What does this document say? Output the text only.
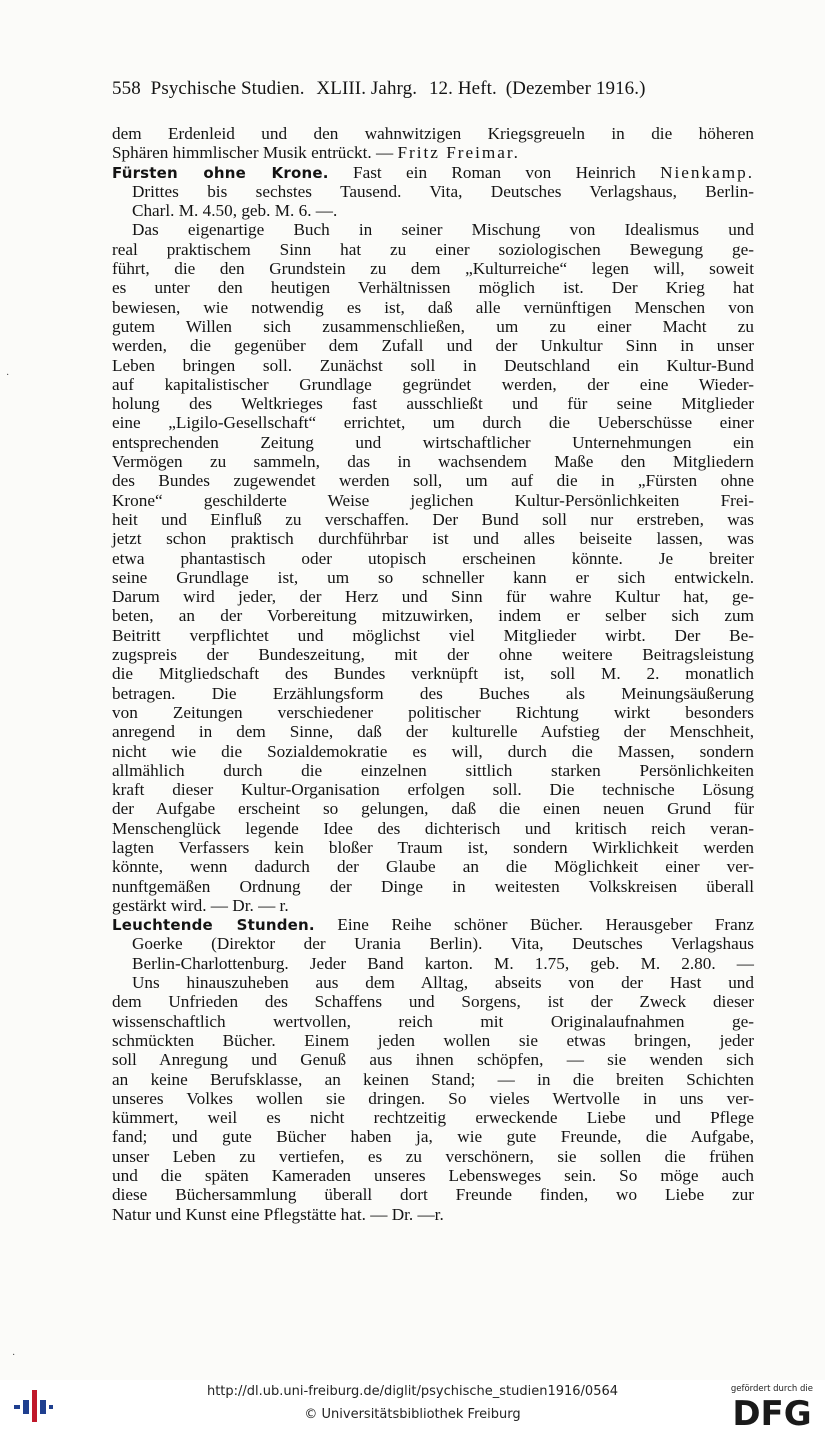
558 Psychische Studien. XLIII. Jahrg. 12. Heft. (Dezember 1916.)
dem Erdenleid und den wahnwitzigen Kriegsgreueln in die höheren
Sphären himmlischer Musik entrückt. — Fritz Freimar.
Fürsten ohne Krone. Fast ein Roman von Heinrich Nienkamp.
Drittes bis sechstes Tausend. Vita, Deutsches Verlagshaus, Berlin-
Charl. M. 4.50, geb. M. 6. —.
Das eigenartige Buch in seiner Mischung von Idealismus und
real praktischem Sinn hat zu einer soziologischen Bewegung ge-
führt, die den Grundstein zu dem „Kulturreiche“ legen will, soweit
es unter den heutigen Verhältnissen möglich ist. Der Krieg hat
bewiesen, wie notwendig es ist, daß alle vernünftigen Menschen von
gutem Willen sich zusammenschließen, um zu einer Macht zu
werden, die gegenüber dem Zufall und der Unkultur Sinn in unser
Leben bringen soll. Zunächst soll in Deutschland ein Kultur-Bund
auf kapitalistischer Grundlage gegründet werden, der eine Wieder-
holung des Weltkrieges fast ausschließt und für seine Mitglieder
eine „Ligilo-Gesellschaft“ errichtet, um durch die Ueberschüsse einer
entsprechenden Zeitung und wirtschaftlicher Unternehmungen ein
Vermögen zu sammeln, das in wachsendem Maße den Mitgliedern
des Bundes zugewendet werden soll, um auf die in „Fürsten ohne
Krone“ geschilderte Weise jeglichen Kultur-Persönlichkeiten Frei-
heit und Einfluß zu verschaffen. Der Bund soll nur erstreben, was
jetzt schon praktisch durchführbar ist und alles beiseite lassen, was
etwa phantastisch oder utopisch erscheinen könnte. Je breiter
seine Grundlage ist, um so schneller kann er sich entwickeln.
Darum wird jeder, der Herz und Sinn für wahre Kultur hat, ge-
beten, an der Vorbereitung mitzuwirken, indem er selber sich zum
Beitritt verpflichtet und möglichst viel Mitglieder wirbt. Der Be-
zugspreis der Bundeszeitung, mit der ohne weitere Beitragsleistung
die Mitgliedschaft des Bundes verknüpft ist, soll M. 2. monatlich
betragen. Die Erzählungsform des Buches als Meinungsäußerung
von Zeitungen verschiedener politischer Richtung wirkt besonders
anregend in dem Sinne, daß der kulturelle Aufstieg der Menschheit,
nicht wie die Sozialdemokratie es will, durch die Massen, sondern
allmählich durch die einzelnen sittlich starken Persönlichkeiten
kraft dieser Kultur-Organisation erfolgen soll. Die technische Lösung
der Aufgabe erscheint so gelungen, daß die einen neuen Grund für
Menschenglück legende Idee des dichterisch und kritisch reich veran-
lagten Verfassers kein bloßer Traum ist, sondern Wirklichkeit werden
könnte, wenn dadurch der Glaube an die Möglichkeit einer ver-
nunftgemäßen Ordnung der Dinge in weitesten Volkskreisen überall
gestärkt wird. — Dr. — r.
Leuchtende Stunden. Eine Reihe schöner Bücher. Herausgeber Franz
Goerke (Direktor der Urania Berlin). Vita, Deutsches Verlagshaus
Berlin-Charlottenburg. Jeder Band karton. M. 1.75, geb. M. 2.80. —
Uns hinauszuheben aus dem Alltag, abseits von der Hast und
dem Unfrieden des Schaffens und Sorgens, ist der Zweck dieser
wissenschaftlich wertvollen, reich mit Originalaufnahmen ge-
schmückten Bücher. Einem jeden wollen sie etwas bringen, jeder
soll Anregung und Genuß aus ihnen schöpfen, — sie wenden sich
an keine Berufsklasse, an keinen Stand; — in die breiten Schichten
unseres Volkes wollen sie dringen. So vieles Wertvolle in uns ver-
kümmert, weil es nicht rechtzeitig erweckende Liebe und Pflege
fand; und gute Bücher haben ja, wie gute Freunde, die Aufgabe,
unser Leben zu vertiefen, es zu verschönern, sie sollen die frühen
und die späten Kameraden unseres Lebensweges sein. So möge auch
diese Büchersammlung überall dort Freunde finden, wo Liebe zur
Natur und Kunst eine Pflegstätte hat. — Dr. —r.
·
·
http://dl.ub.uni-freiburg.de/diglit/psychische_studien1916/0564
© Universitätsbibliothek Freiburg
gefördert durch die
DFG
